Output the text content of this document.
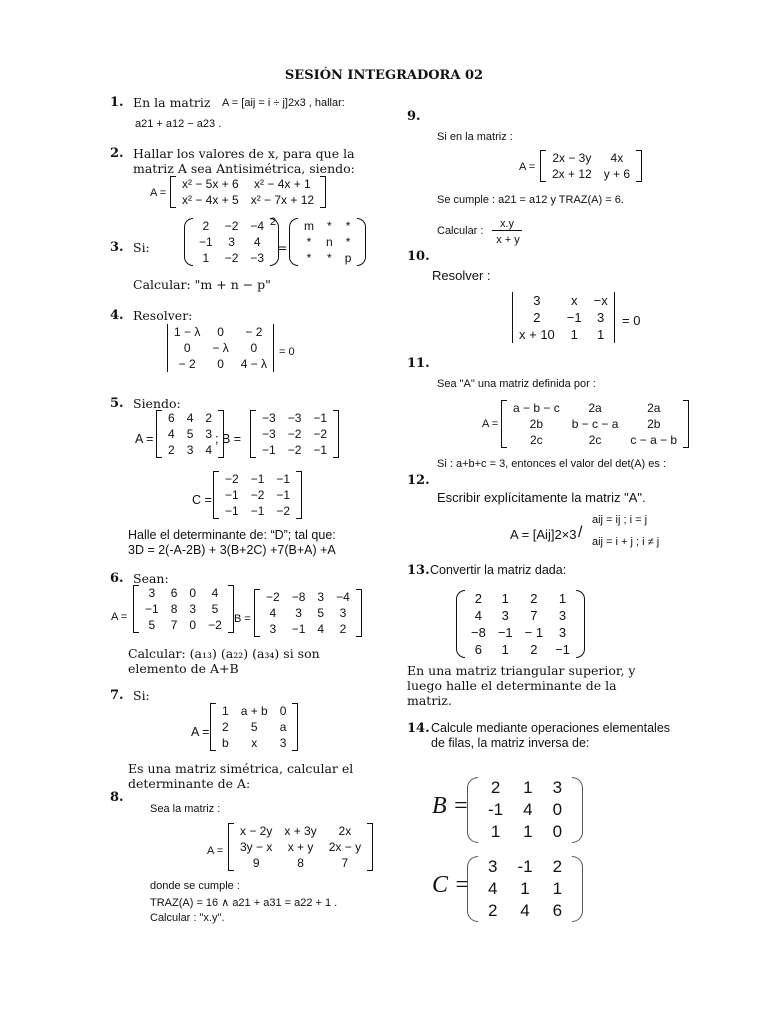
SESIÓN INTEGRADORA 02
1. En la matriz A = [aij = i ÷ j]2x3 , hallar:
a21 + a12 − a23 .
2. Hallar los valores de x, para que la
matriz A sea Antisimétrica, siendo:
A =
x² − 5x + 6	x² − 4x + 1
x² − 4x + 5	x² − 7x + 12
3. Si:
2	−2	−4
−1	3	4
1	−2	−3
2
=
m	*	*
*	n	*
*	*	p
Calcular: "m + n − p"
4. Resolver:
1 − λ	0	− 2
0	− λ	0
− 2	0	4 − λ
= 0
5. Siendo:
A =
6	4	2
4	5	3
2	3	4
; B =
−3	−3	−1
−3	−2	−2
−1	−2	−1
C =
−2	−1	−1
−1	−2	−1
−1	−1	−2
Halle el determinante de: “D”; tal que:
3D = 2(-A-2B) + 3(B+2C) +7(B+A) +A
6. Sean:
A =
3	6	0	4
−1	8	3	5
5	7	0	−2 B =
−2	−8	3	−4
4	3	5	3
3	−1	4	2
Calcular: (a₁₃) (a₂₂) (a₃₄) si son
elemento de A+B
7. Si:
A =
1	a + b	0
2	5	a
b	x	3
Es una matriz simétrica, calcular el
determinante de A:
8.
Sea la matriz :
A =
x − 2y	x + 3y	2x
3y − x	x + y	2x − y
9	8	7
donde se cumple :
TRAZ(A) = 16 ∧ a21 + a31 = a22 + 1 .
Calcular : "x.y".
9.
Si en la matriz :
A =
2x − 3y	4x
2x + 12	y + 6
Se cumple : a21 = a12 y TRAZ(A) = 6.
Calcular :
x.y
x + y
10.
Resolver :
3	x	−x
2	−1	3
x + 10	1	1
= 0
11.
Sea "A" una matriz definida por :
A =
a − b − c	2a	2a
2b	b − c − a	2b
2c	2c	c − a − b
Si : a+b+c = 3, entonces el valor del det(A) es :
12.
Escribir explícitamente la matriz "A".
A = [Aij]2×3 /
aij = ij ; i = j
aij = i + j ; i ≠ j
13. Convertir la matriz dada:
2	1	2	1
4	3	7	3
−8	−1	− 1	3
6	1	2	−1
En una matriz triangular superior, y
luego halle el determinante de la
matriz.
14. Calcule mediante operaciones elementales
de filas, la matriz inversa de:
B =
2	1	3
-1	4	0
1	1	0
C =
3	-1	2
4	1	1
2	4	6
